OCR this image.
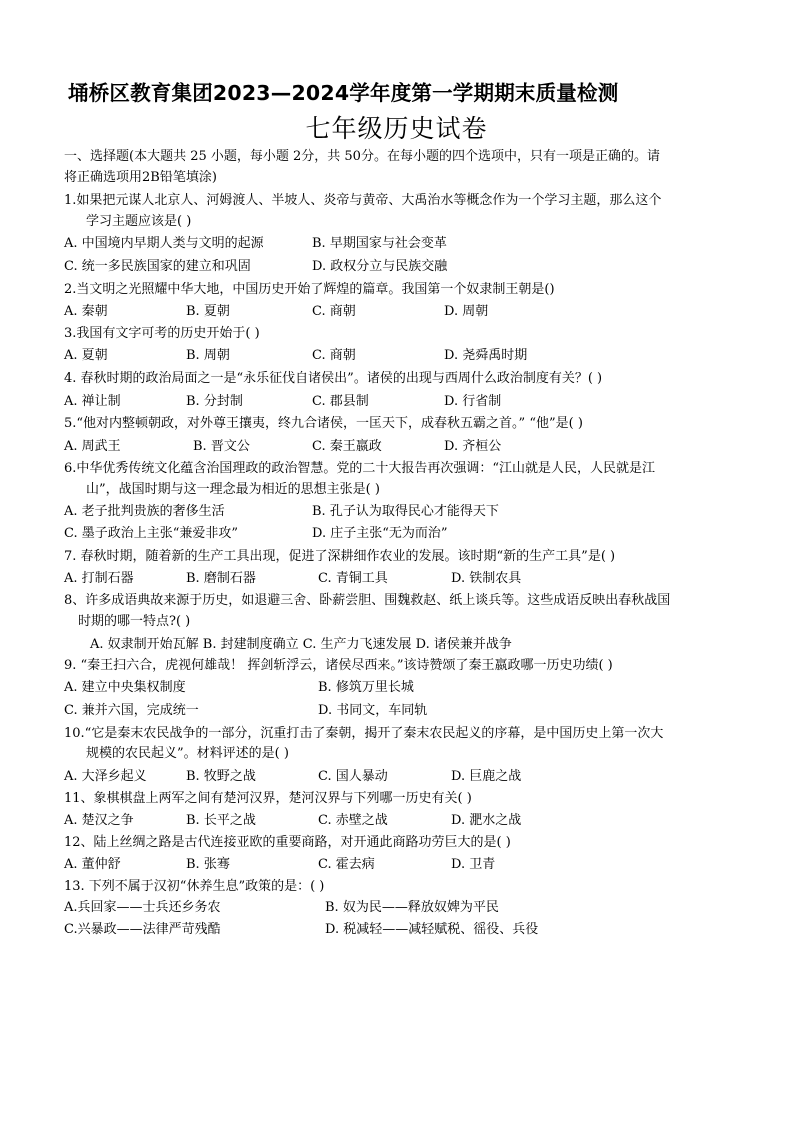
埇桥区教育集团2023—2024学年度第一学期期末质量检测
七年级历史试卷
一、选择题(本大题共 25 小题，每小题 2分，共 50分。在每小题的四个选项中，只有一项是正确的。请
将正确选项用2B铅笔填涂)
1.如果把元谋人北京人、河姆渡人、半坡人、炎帝与黄帝、大禹治水等概念作为一个学习主题，那么这个
学习主题应该是( )
A. 中国境内早期人类与文明的起源	B. 早期国家与社会变革
C. 统一多民族国家的建立和巩固	D. 政权分立与民族交融
2.当文明之光照耀中华大地，中国历史开始了辉煌的篇章。我国第一个奴隶制王朝是()
A. 秦朝	B. 夏朝	C. 商朝	D. 周朝
3.我国有文字可考的历史开始于( )
A. 夏朝	B. 周朝	C. 商朝	D. 尧舜禹时期
4. 春秋时期的政治局面之一是“永乐征伐自诸侯出”。诸侯的出现与西周什么政治制度有关？( )
A. 禅让制	B. 分封制	C. 郡县制	D. 行省制
5.“他对内整顿朝政，对外尊王攘夷，终九合诸侯，一匡天下，成春秋五霸之首。” “他”是( )
A. 周武王	B. 晋文公	C. 秦王嬴政	D. 齐桓公
6.中华优秀传统文化蕴含治国理政的政治智慧。党的二十大报告再次强调：“江山就是人民，人民就是江
山”，战国时期与这一理念最为相近的思想主张是( )
A. 老子批判贵族的奢侈生活	B. 孔子认为取得民心才能得天下
C. 墨子政治上主张“兼爱非攻”	D. 庄子主张“无为而治”
7. 春秋时期，随着新的生产工具出现，促进了深耕细作农业的发展。该时期“新的生产工具”是( )
A. 打制石器	B. 磨制石器	C. 青铜工具	D. 铁制农具
8、许多成语典故来源于历史，如退避三舍、卧薪尝胆、围魏救赵、纸上谈兵等。这些成语反映出春秋战国
时期的哪一特点?( )
A. 奴隶制开始瓦解 B. 封建制度确立 C. 生产力飞速发展 D. 诸侯兼并战争
9. “秦王扫六合，虎视何雄哉！ 挥剑斩浮云，诸侯尽西来。”该诗赞颂了秦王嬴政哪一历史功绩( )
A. 建立中央集权制度	B. 修筑万里长城
C. 兼并六国，完成统一	D. 书同文，车同轨
10.“它是秦末农民战争的一部分，沉重打击了秦朝，揭开了秦末农民起义的序幕，是中国历史上第一次大
规模的农民起义”。材料评述的是( )
A. 大泽乡起义	B. 牧野之战	C. 国人暴动	D. 巨鹿之战
11、象棋棋盘上两军之间有楚河汉界，楚河汉界与下列哪一历史有关( )
A. 楚汉之争	B. 长平之战	C. 赤壁之战	D. 淝水之战
12、陆上丝绸之路是古代连接亚欧的重要商路，对开通此商路功劳巨大的是( )
A. 董仲舒	B. 张骞	C. 霍去病	D. 卫青
13. 下列不属于汉初“休养生息”政策的是：( )
A.兵回家——士兵还乡务农	B. 奴为民——释放奴婢为平民
C.兴暴政——法律严苛残酷	D. 税减轻——减轻赋税、徭役、兵役
